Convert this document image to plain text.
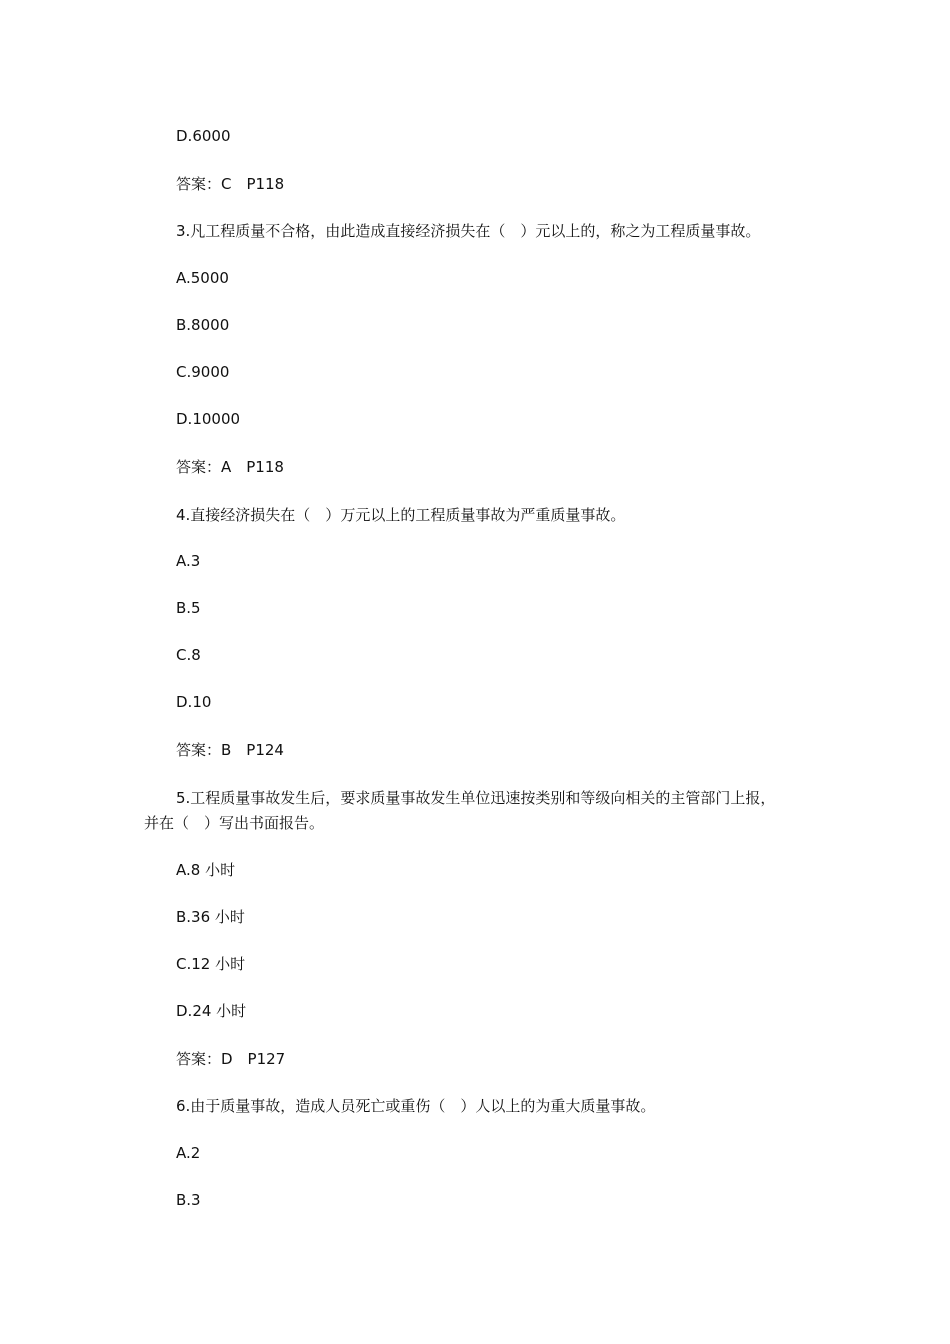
D.6000

答案：C　P118

3.凡工程质量不合格，由此造成直接经济损失在（　）元以上的，称之为工程质量事故。

A.5000

B.8000

C.9000

D.10000

答案：A　P118

4.直接经济损失在（　）万元以上的工程质量事故为严重质量事故。

A.3

B.5

C.8

D.10

答案：B　P124

5.工程质量事故发生后，要求质量事故发生单位迅速按类别和等级向相关的主管部门上报，

并在（　）写出书面报告。

A.8 小时

B.36 小时

C.12 小时

D.24 小时

答案：D　P127

6.由于质量事故，造成人员死亡或重伤（　）人以上的为重大质量事故。

A.2

B.3
